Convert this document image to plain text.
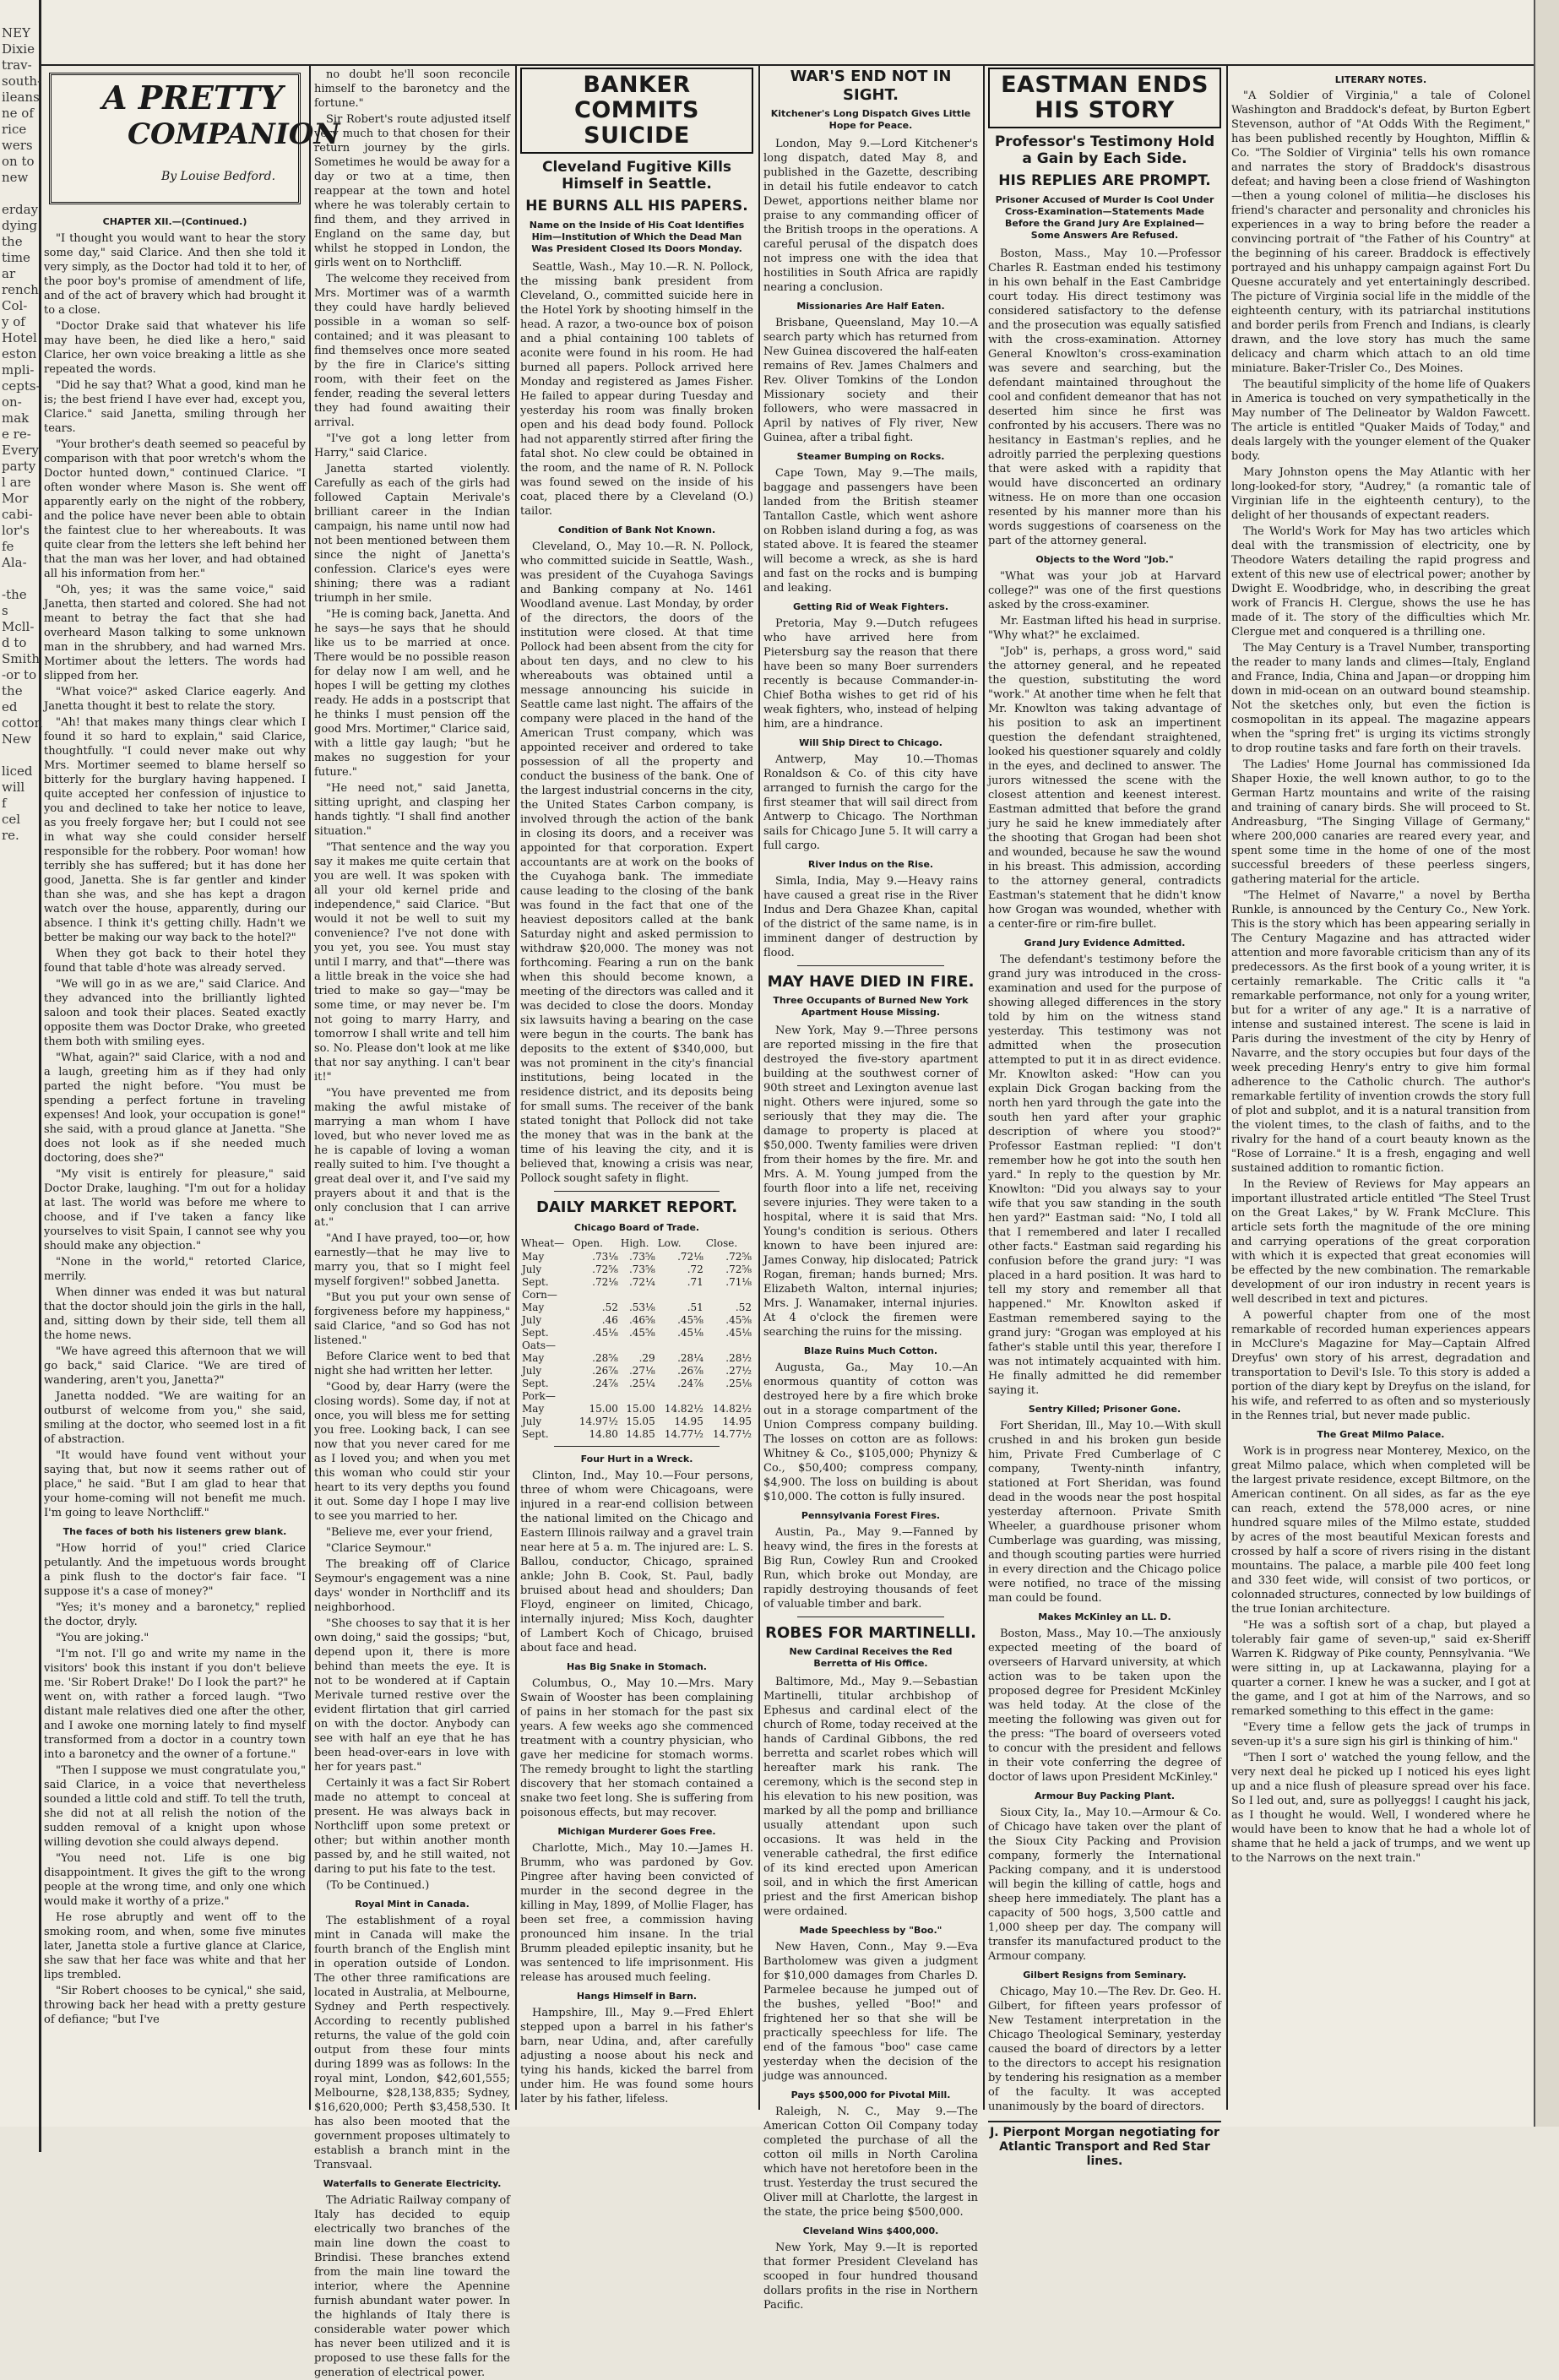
NEY
Dixie
trav-
south-
ileans
ne of
rice
wers
on to
new

erday
dying
the
time
ar
rench
Col-
y of
Hotel
eston
mpli-
cepts-
on-
mak
e re-
Every
party
l are
Mor
cabi-
lor's
fe
Ala-

-the
s
Mcll-
d to
Smith
-or to
the
ed
cotton
New

liced
will
f
cel
re.
A PRETTY
COMPANION
By Louise Bedford.

CHAPTER XII.—(Continued.)

"I thought you would want to hear the story some day," said Clarice. And then she told it very simply, as the Doctor had told it to her, of the poor boy's promise of amendment of life, and of the act of bravery which had brought it to a close.

"Doctor Drake said that whatever his life may have been, he died like a hero," said Clarice, her own voice breaking a little as she repeated the words.

"Did he say that? What a good, kind man he is; the best friend I have ever had, except you, Clarice." said Janetta, smiling through her tears.

"Your brother's death seemed so peaceful by comparison with that poor wretch's whom the Doctor hunted down," continued Clarice. "I often wonder where Mason is. She went off apparently early on the night of the robbery, and the police have never been able to obtain the faintest clue to her whereabouts. It was quite clear from the letters she left behind her that the man was her lover, and had obtained all his information from her."

"Oh, yes; it was the same voice," said Janetta, then started and colored. She had not meant to betray the fact that she had overheard Mason talking to some unknown man in the shrubbery, and had warned Mrs. Mortimer about the letters. The words had slipped from her.

"What voice?" asked Clarice eagerly. And Janetta thought it best to relate the story.

"Ah! that makes many things clear which I found it so hard to explain," said Clarice, thoughtfully. "I could never make out why Mrs. Mortimer seemed to blame herself so bitterly for the burglary having happened. I quite accepted her confession of injustice to you and declined to take her notice to leave, as you freely forgave her; but I could not see in what way she could consider herself responsible for the robbery. Poor woman! how terribly she has suffered; but it has done her good, Janetta. She is far gentler and kinder than she was, and she has kept a dragon watch over the house, apparently, during our absence. I think it's getting chilly. Hadn't we better be making our way back to the hotel?"

When they got back to their hotel they found that table d'hote was already served.

"We will go in as we are," said Clarice. And they advanced into the brilliantly lighted saloon and took their places. Seated exactly opposite them was Doctor Drake, who greeted them both with smiling eyes.

"What, again?" said Clarice, with a nod and a laugh, greeting him as if they had only parted the night before. "You must be spending a perfect fortune in traveling expenses! And look, your occupation is gone!" she said, with a proud glance at Janetta. "She does not look as if she needed much doctoring, does she?"

"My visit is entirely for pleasure," said Doctor Drake, laughing. "I'm out for a holiday at last. The world was before me where to choose, and if I've taken a fancy like yourselves to visit Spain, I cannot see why you should make any objection."

"None in the world," retorted Clarice, merrily.

When dinner was ended it was but natural that the doctor should join the girls in the hall, and, sitting down by their side, tell them all the home news.

"We have agreed this afternoon that we will go back," said Clarice. "We are tired of wandering, aren't you, Janetta?"

Janetta nodded. "We are waiting for an outburst of welcome from you," she said, smiling at the doctor, who seemed lost in a fit of abstraction.

"It would have found vent without your saying that, but now it seems rather out of place," he said. "But I am glad to hear that your home-coming will not benefit me much. I'm going to leave Northcliff."

The faces of both his listeners grew blank.

"How horrid of you!" cried Clarice petulantly. And the impetuous words brought a pink flush to the doctor's fair face. "I suppose it's a case of money?"

"Yes; it's money and a baronetcy," replied the doctor, dryly.

"You are joking."

"I'm not. I'll go and write my name in the visitors' book this instant if you don't believe me. 'Sir Robert Drake!' Do I look the part?" he went on, with rather a forced laugh. "Two distant male relatives died one after the other, and I awoke one morning lately to find myself transformed from a doctor in a country town into a baronetcy and the owner of a fortune."

"Then I suppose we must congratulate you," said Clarice, in a voice that nevertheless sounded a little cold and stiff. To tell the truth, she did not at all relish the notion of the sudden removal of a knight upon whose willing devotion she could always depend.

"You need not. Life is one big disappointment. It gives the gift to the wrong people at the wrong time, and only one which would make it worthy of a prize."

He rose abruptly and went off to the smoking room, and when, some five minutes later, Janetta stole a furtive glance at Clarice, she saw that her face was white and that her lips trembled.

"Sir Robert chooses to be cynical," she said, throwing back her head with a pretty gesture of defiance; "but I've

no doubt he'll soon reconcile himself to the baronetcy and the fortune."

Sir Robert's route adjusted itself very much to that chosen for their return journey by the girls. Sometimes he would be away for a day or two at a time, then reappear at the town and hotel where he was tolerably certain to find them, and they arrived in England on the same day, but whilst he stopped in London, the girls went on to Northcliff.

The welcome they received from Mrs. Mortimer was of a warmth they could have hardly believed possible in a woman so self-contained; and it was pleasant to find themselves once more seated by the fire in Clarice's sitting room, with their feet on the fender, reading the several letters they had found awaiting their arrival.

"I've got a long letter from Harry," said Clarice.

Janetta started violently. Carefully as each of the girls had followed Captain Merivale's brilliant career in the Indian campaign, his name until now had not been mentioned between them since the night of Janetta's confession. Clarice's eyes were shining; there was a radiant triumph in her smile.

"He is coming back, Janetta. And he says—he says that he should like us to be married at once. There would be no possible reason for delay now I am well, and he hopes I will be getting my clothes ready. He adds in a postscript that he thinks I must pension off the good Mrs. Mortimer," Clarice said, with a little gay laugh; "but he makes no suggestion for your future."

"He need not," said Janetta, sitting upright, and clasping her hands tightly. "I shall find another situation."

"That sentence and the way you say it makes me quite certain that you are well. It was spoken with all your old kernel pride and independence," said Clarice. "But would it not be well to suit my convenience? I've not done with you yet, you see. You must stay until I marry, and that"—there was a little break in the voice she had tried to make so gay—"may be some time, or may never be. I'm not going to marry Harry, and tomorrow I shall write and tell him so. No. Please don't look at me like that nor say anything. I can't bear it!"

"You have prevented me from making the awful mistake of marrying a man whom I have loved, but who never loved me as he is capable of loving a woman really suited to him. I've thought a great deal over it, and I've said my prayers about it and that is the only conclusion that I can arrive at."

"And I have prayed, too—or, how earnestly—that he may live to marry you, that so I might feel myself forgiven!" sobbed Janetta.

"But you put your own sense of forgiveness before my happiness," said Clarice, "and so God has not listened."

Before Clarice went to bed that night she had written her letter.

"Good by, dear Harry (were the closing words). Some day, if not at once, you will bless me for setting you free. Looking back, I can see now that you never cared for me as I loved you; and when you met this woman who could stir your heart to its very depths you found it out. Some day I hope I may live to see you married to her.

"Believe me, ever your friend,

"Clarice Seymour."

The breaking off of Clarice Seymour's engagement was a nine days' wonder in Northcliff and its neighborhood.

"She chooses to say that it is her own doing," said the gossips; "but, depend upon it, there is more behind than meets the eye. It is not to be wondered at if Captain Merivale turned restive over the evident flirtation that girl carried on with the doctor. Anybody can see with half an eye that he has been head-over-ears in love with her for years past."

Certainly it was a fact Sir Robert made no attempt to conceal at present. He was always back in Northcliff upon some pretext or other; but within another month passed by, and he still waited, not daring to put his fate to the test.

(To be Continued.)

Royal Mint in Canada.

The establishment of a royal mint in Canada will make the fourth branch of the English mint in operation outside of London. The other three ramifications are located in Australia, at Melbourne, Sydney and Perth respectively. According to recently published returns, the value of the gold coin output from these four mints during 1899 was as follows: In the royal mint, London, $42,601,555; Melbourne, $28,138,835; Sydney, $16,620,000; Perth $3,458,530. It has also been mooted that the government proposes ultimately to establish a branch mint in the Transvaal.

Waterfalls to Generate Electricity.

The Adriatic Railway company of Italy has decided to equip electrically two branches of the main line down the coast to Brindisi. These branches extend from the main line toward the interior, where the Apennine furnish abundant water power. In the highlands of Italy there is considerable water power which has never been utilized and it is proposed to use these falls for the generation of electrical power.

BANKER COMMITS SUICIDE
Cleveland Fugitive Kills Himself in Seattle.
HE BURNS ALL HIS PAPERS.
Name on the Inside of His Coat Identifies Him—Institution of Which the Dead Man Was President Closed Its Doors Monday.

Seattle, Wash., May 10.—R. N. Pollock, the missing bank president from Cleveland, O., committed suicide here in the Hotel York by shooting himself in the head. A razor, a two-ounce box of poison and a phial containing 100 tablets of aconite were found in his room. He had burned all papers. Pollock arrived here Monday and registered as James Fisher. He failed to appear during Tuesday and yesterday his room was finally broken open and his dead body found. Pollock had not apparently stirred after firing the fatal shot. No clew could be obtained in the room, and the name of R. N. Pollock was found sewed on the inside of his coat, placed there by a Cleveland (O.) tailor.

Condition of Bank Not Known.

Cleveland, O., May 10.—R. N. Pollock, who committed suicide in Seattle, Wash., was president of the Cuyahoga Savings and Banking company at No. 1461 Woodland avenue. Last Monday, by order of the directors, the doors of the institution were closed. At that time Pollock had been absent from the city for about ten days, and no clew to his whereabouts was obtained until a message announcing his suicide in Seattle came last night. The affairs of the company were placed in the hand of the American Trust company, which was appointed receiver and ordered to take possession of all the property and conduct the business of the bank. One of the largest industrial concerns in the city, the United States Carbon company, is involved through the action of the bank in closing its doors, and a receiver was appointed for that corporation. Expert accountants are at work on the books of the Cuyahoga bank. The immediate cause leading to the closing of the bank was found in the fact that one of the heaviest depositors called at the bank Saturday night and asked permission to withdraw $20,000. The money was not forthcoming. Fearing a run on the bank when this should become known, a meeting of the directors was called and it was decided to close the doors. Monday six lawsuits having a bearing on the case were begun in the courts. The bank has deposits to the extent of $340,000, but was not prominent in the city's financial institutions, being located in the residence district, and its deposits being for small sums. The receiver of the bank stated tonight that Pollock did not take the money that was in the bank at the time of his leaving the city, and it is believed that, knowing a crisis was near, Pollock sought safety in flight.

DAILY MARKET REPORT.
Chicago Board of Trade.
Wheat—	Open.	High.	Low.	Close.
May	.73⅛	.73⅝	.72⅛	.72⅝
July	.72⅝	.73⅝	.72	.72⅝
Sept.	.72⅛	.72¼	.71	.71⅛
Corn—				
May	.52	.53⅛	.51	.52
July	.46	.46⅝	.45⅝	.45⅝
Sept.	.45⅛	.45⅝	.45⅛	.45⅛
Oats—				
May	.28⅝	.29	.28¼	.28½
July	.26⅞	.27⅛	.26⅞	.27½
Sept.	.24⅞	.25¼	.24⅞	.25⅛
Pork—				
May	15.00	15.00	14.82½	14.82½
July	14.97½	15.05	14.95	14.95
Sept.	14.80	14.85	14.77½	14.77½

Four Hurt in a Wreck.

Clinton, Ind., May 10.—Four persons, three of whom were Chicagoans, were injured in a rear-end collision between the national limited on the Chicago and Eastern Illinois railway and a gravel train near here at 5 a. m. The injured are: L. S. Ballou, conductor, Chicago, sprained ankle; John B. Cook, St. Paul, badly bruised about head and shoulders; Dan Floyd, engineer on limited, Chicago, internally injured; Miss Koch, daughter of Lambert Koch of Chicago, bruised about face and head.

Has Big Snake in Stomach.

Columbus, O., May 10.—Mrs. Mary Swain of Wooster has been complaining of pains in her stomach for the past six years. A few weeks ago she commenced treatment with a country physician, who gave her medicine for stomach worms. The remedy brought to light the startling discovery that her stomach contained a snake two feet long. She is suffering from poisonous effects, but may recover.

Michigan Murderer Goes Free.

Charlotte, Mich., May 10.—James H. Brumm, who was pardoned by Gov. Pingree after having been convicted of murder in the second degree in the killing in May, 1899, of Mollie Flager, has been set free, a commission having pronounced him insane. In the trial Brumm pleaded epileptic insanity, but he was sentenced to life imprisonment. His release has aroused much feeling.

Hangs Himself in Barn.

Hampshire, Ill., May 9.—Fred Ehlert stepped upon a barrel in his father's barn, near Udina, and, after carefully adjusting a noose about his neck and tying his hands, kicked the barrel from under him. He was found some hours later by his father, lifeless.

WAR'S END NOT IN SIGHT.
Kitchener's Long Dispatch Gives Little Hope for Peace.

London, May 9.—Lord Kitchener's long dispatch, dated May 8, and published in the Gazette, describing in detail his futile endeavor to catch Dewet, apportions neither blame nor praise to any commanding officer of the British troops in the operations. A careful perusal of the dispatch does not impress one with the idea that hostilities in South Africa are rapidly nearing a conclusion.

Missionaries Are Half Eaten.

Brisbane, Queensland, May 10.—A search party which has returned from New Guinea discovered the half-eaten remains of Rev. James Chalmers and Rev. Oliver Tomkins of the London Missionary society and their followers, who were massacred in April by natives of Fly river, New Guinea, after a tribal fight.

Steamer Bumping on Rocks.

Cape Town, May 9.—The mails, baggage and passengers have been landed from the British steamer Tantallon Castle, which went ashore on Robben island during a fog, as was stated above. It is feared the steamer will become a wreck, as she is hard and fast on the rocks and is bumping and leaking.

Getting Rid of Weak Fighters.

Pretoria, May 9.—Dutch refugees who have arrived here from Pietersburg say the reason that there have been so many Boer surrenders recently is because Commander-in-Chief Botha wishes to get rid of his weak fighters, who, instead of helping him, are a hindrance.

Will Ship Direct to Chicago.

Antwerp, May 10.—Thomas Ronaldson & Co. of this city have arranged to furnish the cargo for the first steamer that will sail direct from Antwerp to Chicago. The Northman sails for Chicago June 5. It will carry a full cargo.

River Indus on the Rise.

Simla, India, May 9.—Heavy rains have caused a great rise in the River Indus and Dera Ghazee Khan, capital of the district of the same name, is in imminent danger of destruction by flood.

MAY HAVE DIED IN FIRE.
Three Occupants of Burned New York Apartment House Missing.

New York, May 9.—Three persons are reported missing in the fire that destroyed the five-story apartment building at the southwest corner of 90th street and Lexington avenue last night. Others were injured, some so seriously that they may die. The damage to property is placed at $50,000. Twenty families were driven from their homes by the fire. Mr. and Mrs. A. M. Young jumped from the fourth floor into a life net, receiving severe injuries. They were taken to a hospital, where it is said that Mrs. Young's condition is serious. Others known to have been injured are: James Conway, hip dislocated; Patrick Rogan, fireman; hands burned; Mrs. Elizabeth Walton, internal injuries; Mrs. J. Wanamaker, internal injuries. At 4 o'clock the firemen were searching the ruins for the missing.

Blaze Ruins Much Cotton.

Augusta, Ga., May 10.—An enormous quantity of cotton was destroyed here by a fire which broke out in a storage compartment of the Union Compress company building. The losses on cotton are as follows: Whitney & Co., $105,000; Phynizy & Co., $50,400; compress company, $4,900. The loss on building is about $10,000. The cotton is fully insured.

Pennsylvania Forest Fires.

Austin, Pa., May 9.—Fanned by heavy wind, the fires in the forests at Big Run, Cowley Run and Crooked Run, which broke out Monday, are rapidly destroying thousands of feet of valuable timber and bark.

ROBES FOR MARTINELLI.
New Cardinal Receives the Red Berretta of His Office.

Baltimore, Md., May 9.—Sebastian Martinelli, titular archbishop of Ephesus and cardinal elect of the church of Rome, today received at the hands of Cardinal Gibbons, the red berretta and scarlet robes which will hereafter mark his rank. The ceremony, which is the second step in his elevation to his new position, was marked by all the pomp and brilliance usually attendant upon such occasions. It was held in the venerable cathedral, the first edifice of its kind erected upon American soil, and in which the first American priest and the first American bishop were ordained.

Made Speechless by "Boo."

New Haven, Conn., May 9.—Eva Bartholomew was given a judgment for $10,000 damages from Charles D. Parmelee because he jumped out of the bushes, yelled "Boo!" and frightened her so that she will be practically speechless for life. The end of the famous "boo" case came yesterday when the decision of the judge was announced.

Pays $500,000 for Pivotal Mill.

Raleigh, N. C., May 9.—The American Cotton Oil Company today completed the purchase of all the cotton oil mills in North Carolina which have not heretofore been in the trust. Yesterday the trust secured the Oliver mill at Charlotte, the largest in the state, the price being $500,000.

Cleveland Wins $400,000.

New York, May 9.—It is reported that former President Cleveland has scooped in four hundred thousand dollars profits in the rise in Northern Pacific.

EASTMAN ENDS HIS STORY
Professor's Testimony Hold a Gain by Each Side.
HIS REPLIES ARE PROMPT.
Prisoner Accused of Murder Is Cool Under Cross-Examination—Statements Made Before the Grand Jury Are Explained—Some Answers Are Refused.

Boston, Mass., May 10.—Professor Charles R. Eastman ended his testimony in his own behalf in the East Cambridge court today. His direct testimony was considered satisfactory to the defense and the prosecution was equally satisfied with the cross-examination. Attorney General Knowlton's cross-examination was severe and searching, but the defendant maintained throughout the cool and confident demeanor that has not deserted him since he first was confronted by his accusers. There was no hesitancy in Eastman's replies, and he adroitly parried the perplexing questions that were asked with a rapidity that would have disconcerted an ordinary witness. He on more than one occasion resented by his manner more than his words suggestions of coarseness on the part of the attorney general.

Objects to the Word "Job."

"What was your job at Harvard college?" was one of the first questions asked by the cross-examiner.

Mr. Eastman lifted his head in surprise. "Why what?" he exclaimed.

"Job" is, perhaps, a gross word," said the attorney general, and he repeated the question, substituting the word "work." At another time when he felt that Mr. Knowlton was taking advantage of his position to ask an impertinent question the defendant straightened, looked his questioner squarely and coldly in the eyes, and declined to answer. The jurors witnessed the scene with the closest attention and keenest interest. Eastman admitted that before the grand jury he said he knew immediately after the shooting that Grogan had been shot and wounded, because he saw the wound in his breast. This admission, according to the attorney general, contradicts Eastman's statement that he didn't know how Grogan was wounded, whether with a center-fire or rim-fire bullet.

Grand Jury Evidence Admitted.

The defendant's testimony before the grand jury was introduced in the cross-examination and used for the purpose of showing alleged differences in the story told by him on the witness stand yesterday. This testimony was not admitted when the prosecution attempted to put it in as direct evidence. Mr. Knowlton asked: "How can you explain Dick Grogan backing from the north hen yard through the gate into the south hen yard after your graphic description of where you stood?" Professor Eastman replied: "I don't remember how he got into the south hen yard." In reply to the question by Mr. Knowlton: "Did you always say to your wife that you saw standing in the south hen yard?" Eastman said: "No, I told all that I remembered and later I recalled other facts." Eastman said regarding his confusion before the grand jury: "I was placed in a hard position. It was hard to tell my story and remember all that happened." Mr. Knowlton asked if Eastman remembered saying to the grand jury: "Grogan was employed at his father's stable until this year, therefore I was not intimately acquainted with him. He finally admitted he did remember saying it.

Sentry Killed; Prisoner Gone.

Fort Sheridan, Ill., May 10.—With skull crushed in and his broken gun beside him, Private Fred Cumberlage of C company, Twenty-ninth infantry, stationed at Fort Sheridan, was found dead in the woods near the post hospital yesterday afternoon. Private Smith Wheeler, a guardhouse prisoner whom Cumberlage was guarding, was missing, and though scouting parties were hurried in every direction and the Chicago police were notified, no trace of the missing man could be found.

Makes McKinley an LL. D.

Boston, Mass., May 10.—The anxiously expected meeting of the board of overseers of Harvard university, at which action was to be taken upon the proposed degree for President McKinley was held today. At the close of the meeting the following was given out for the press: "The board of overseers voted to concur with the president and fellows in their vote conferring the degree of doctor of laws upon President McKinley."

Armour Buy Packing Plant.

Sioux City, Ia., May 10.—Armour & Co. of Chicago have taken over the plant of the Sioux City Packing and Provision company, formerly the International Packing company, and it is understood will begin the killing of cattle, hogs and sheep here immediately. The plant has a capacity of 500 hogs, 3,500 cattle and 1,000 sheep per day. The company will transfer its manufactured product to the Armour company.

Gilbert Resigns from Seminary.

Chicago, May 10.—The Rev. Dr. Geo. H. Gilbert, for fifteen years professor of New Testament interpretation in the Chicago Theological Seminary, yesterday caused the board of directors by a letter to the directors to accept his resignation by tendering his resignation as a member of the faculty. It was accepted unanimously by the board of directors.

J. Pierpont Morgan negotiating for
Atlantic Transport and Red Star lines.
LITERARY NOTES.

"A Soldier of Virginia," a tale of Colonel Washington and Braddock's defeat, by Burton Egbert Stevenson, author of "At Odds With the Regiment," has been published recently by Houghton, Mifflin & Co. "The Soldier of Virginia" tells his own romance and narrates the story of Braddock's disastrous defeat; and having been a close friend of Washington—then a young colonel of militia—he discloses his friend's character and personality and chronicles his experiences in a way to bring before the reader a convincing portrait of "the Father of his Country" at the beginning of his career. Braddock is effectively portrayed and his unhappy campaign against Fort Du Quesne accurately and yet entertainingly described. The picture of Virginia social life in the middle of the eighteenth century, with its patriarchal institutions and border perils from French and Indians, is clearly drawn, and the love story has much the same delicacy and charm which attach to an old time miniature. Baker-Trisler Co., Des Moines.

The beautiful simplicity of the home life of Quakers in America is touched on very sympathetically in the May number of The Delineator by Waldon Fawcett. The article is entitled "Quaker Maids of Today," and deals largely with the younger element of the Quaker body.

Mary Johnston opens the May Atlantic with her long-looked-for story, "Audrey," (a romantic tale of Virginian life in the eighteenth century), to the delight of her thousands of expectant readers.

The World's Work for May has two articles which deal with the transmission of electricity, one by Theodore Waters detailing the rapid progress and extent of this new use of electrical power; another by Dwight E. Woodbridge, who, in describing the great work of Francis H. Clergue, shows the use he has made of it. The story of the difficulties which Mr. Clergue met and conquered is a thrilling one.

The May Century is a Travel Number, transporting the reader to many lands and climes—Italy, England and France, India, China and Japan—or dropping him down in mid-ocean on an outward bound steamship. Not the sketches only, but even the fiction is cosmopolitan in its appeal. The magazine appears when the "spring fret" is urging its victims strongly to drop routine tasks and fare forth on their travels.

The Ladies' Home Journal has commissioned Ida Shaper Hoxie, the well known author, to go to the German Hartz mountains and write of the raising and training of canary birds. She will proceed to St. Andreasburg, "The Singing Village of Germany," where 200,000 canaries are reared every year, and spent some time in the home of one of the most successful breeders of these peerless singers, gathering material for the article.

"The Helmet of Navarre," a novel by Bertha Runkle, is announced by the Century Co., New York. This is the story which has been appearing serially in The Century Magazine and has attracted wider attention and more favorable criticism than any of its predecessors. As the first book of a young writer, it is certainly remarkable. The Critic calls it "a remarkable performance, not only for a young writer, but for a writer of any age." It is a narrative of intense and sustained interest. The scene is laid in Paris during the investment of the city by Henry of Navarre, and the story occupies but four days of the week preceding Henry's entry to give him formal adherence to the Catholic church. The author's remarkable fertility of invention crowds the story full of plot and subplot, and it is a natural transition from the violent times, to the clash of faiths, and to the rivalry for the hand of a court beauty known as the "Rose of Lorraine." It is a fresh, engaging and well sustained addition to romantic fiction.

In the Review of Reviews for May appears an important illustrated article entitled "The Steel Trust on the Great Lakes," by W. Frank McClure. This article sets forth the magnitude of the ore mining and carrying operations of the great corporation with which it is expected that great economies will be effected by the new combination. The remarkable development of our iron industry in recent years is well described in text and pictures.

A powerful chapter from one of the most remarkable of recorded human experiences appears in McClure's Magazine for May—Captain Alfred Dreyfus' own story of his arrest, degradation and transportation to Devil's Isle. To this story is added a portion of the diary kept by Dreyfus on the island, for his wife, and referred to as often and so mysteriously in the Rennes trial, but never made public.

The Great Milmo Palace.

Work is in progress near Monterey, Mexico, on the great Milmo palace, which when completed will be the largest private residence, except Biltmore, on the American continent. On all sides, as far as the eye can reach, extend the 578,000 acres, or nine hundred square miles of the Milmo estate, studded by acres of the most beautiful Mexican forests and crossed by half a score of rivers rising in the distant mountains. The palace, a marble pile 400 feet long and 330 feet wide, will consist of two porticos, or colonnaded structures, connected by low buildings of the true Ionian architecture.

"He was a softish sort of a chap, but played a tolerably fair game of seven-up," said ex-Sheriff Warren K. Ridgway of Pike county, Pennsylvania. "We were sitting in, up at Lackawanna, playing for a quarter a corner. I knew he was a sucker, and I got at the game, and I got at him of the Narrows, and so remarked something to this effect in the game:

"Every time a fellow gets the jack of trumps in seven-up it's a sure sign his girl is thinking of him."

"Then I sort o' watched the young fellow, and the very next deal he picked up I noticed his eyes light up and a nice flush of pleasure spread over his face. So I led out, and, sure as pollyeggs! I caught his jack, as I thought he would. Well, I wondered where he would have been to know that he had a whole lot of shame that he held a jack of trumps, and we went up to the Narrows on the next train."
